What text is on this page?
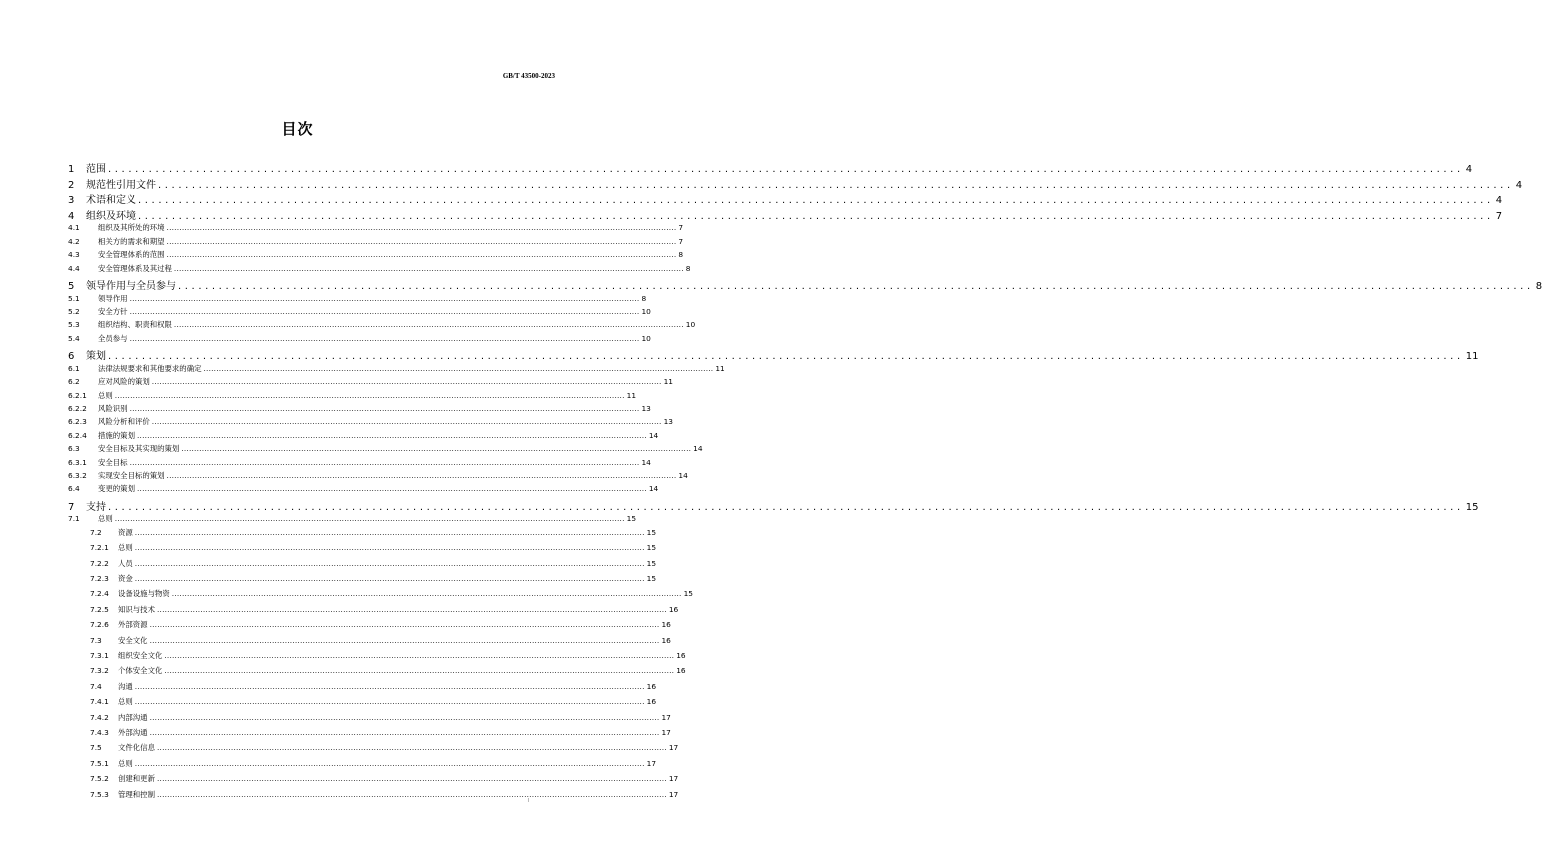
GB/T 43500-2023
目次
1	范围 ........................................................................................................................................................................................................ 4
2	规范性引用文件 ........................................................................................................................................................................................................ 4
3	术语和定义 ........................................................................................................................................................................................................ 4
4	组织及环境 ........................................................................................................................................................................................................ 7
4.1	组织及其所处的环境 ........................................................................................................................................................................................................ 7
4.2	相关方的需求和期望 ........................................................................................................................................................................................................ 7
4.3	安全管理体系的范围 ........................................................................................................................................................................................................ 8
4.4	安全管理体系及其过程 ........................................................................................................................................................................................................ 8
5	领导作用与全员参与 ........................................................................................................................................................................................................ 8
5.1	领导作用 ........................................................................................................................................................................................................ 8
5.2	安全方针 ........................................................................................................................................................................................................ 10
5.3	组织结构、职责和权限 ........................................................................................................................................................................................................ 10
5.4	全员参与 ........................................................................................................................................................................................................ 10
6	策划 ........................................................................................................................................................................................................ 11
6.1	法律法规要求和其他要求的确定 ........................................................................................................................................................................................................ 11
6.2	应对风险的策划 ........................................................................................................................................................................................................ 11
6.2.1	总则 ........................................................................................................................................................................................................ 11
6.2.2	风险识别 ........................................................................................................................................................................................................ 13
6.2.3	风险分析和评价 ........................................................................................................................................................................................................ 13
6.2.4	措施的策划 ........................................................................................................................................................................................................ 14
6.3	安全目标及其实现的策划 ........................................................................................................................................................................................................ 14
6.3.1	安全目标 ........................................................................................................................................................................................................ 14
6.3.2	实现安全目标的策划 ........................................................................................................................................................................................................ 14
6.4	变更的策划 ........................................................................................................................................................................................................ 14
7	支持 ........................................................................................................................................................................................................ 15
7.1	总则 ........................................................................................................................................................................................................ 15
7.2	资源 ........................................................................................................................................................................................................ 15
7.2.1	总则 ........................................................................................................................................................................................................ 15
7.2.2	人员 ........................................................................................................................................................................................................ 15
7.2.3	资金 ........................................................................................................................................................................................................ 15
7.2.4	设备设施与物资 ........................................................................................................................................................................................................ 15
7.2.5	知识与技术 ........................................................................................................................................................................................................ 16
7.2.6	外部资源 ........................................................................................................................................................................................................ 16
7.3	安全文化 ........................................................................................................................................................................................................ 16
7.3.1	组织安全文化 ........................................................................................................................................................................................................ 16
7.3.2	个体安全文化 ........................................................................................................................................................................................................ 16
7.4	沟通 ........................................................................................................................................................................................................ 16
7.4.1	总则 ........................................................................................................................................................................................................ 16
7.4.2	内部沟通 ........................................................................................................................................................................................................ 17
7.4.3	外部沟通 ........................................................................................................................................................................................................ 17
7.5	文件化信息 ........................................................................................................................................................................................................ 17
7.5.1	总则 ........................................................................................................................................................................................................ 17
7.5.2	创建和更新 ........................................................................................................................................................................................................ 17
7.5.3	管理和控制 ........................................................................................................................................................................................................ 17
I
